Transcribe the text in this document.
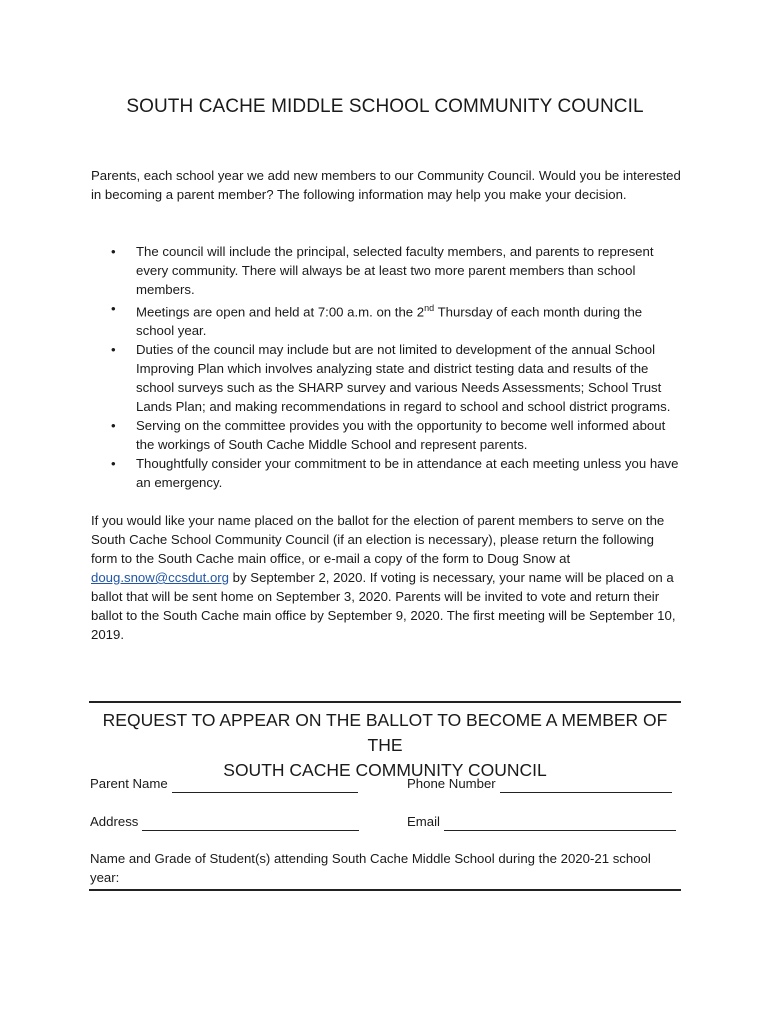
SOUTH CACHE MIDDLE SCHOOL COMMUNITY COUNCIL

Parents, each school year we add new members to our Community Council. Would you be interested in becoming a parent member? The following information may help you make your decision.

• The council will include the principal, selected faculty members, and parents to represent every community. There will always be at least two more parent members than school members.
• Meetings are open and held at 7:00 a.m. on the 2nd Thursday of each month during the school year.
• Duties of the council may include but are not limited to development of the annual School Improving Plan which involves analyzing state and district testing data and results of the school surveys such as the SHARP survey and various Needs Assessments; School Trust Lands Plan; and making recommendations in regard to school and school district programs.
• Serving on the committee provides you with the opportunity to become well informed about the workings of South Cache Middle School and represent parents.
• Thoughtfully consider your commitment to be in attendance at each meeting unless you have an emergency.

If you would like your name placed on the ballot for the election of parent members to serve on the South Cache School Community Council (if an election is necessary), please return the following form to the South Cache main office, or e-mail a copy of the form to Doug Snow at doug.snow@ccsdut.org by September 2, 2020. If voting is necessary, your name will be placed on a ballot that will be sent home on September 3, 2020. Parents will be invited to vote and return their ballot to the South Cache main office by September 9, 2020. The first meeting will be September 10, 2019.

REQUEST TO APPEAR ON THE BALLOT TO BECOME A MEMBER OF THE
SOUTH CACHE COMMUNITY COUNCIL
Parent Name	Phone Number
Address	Email
Name and Grade of Student(s) attending South Cache Middle School during the 2020-21 school year:
